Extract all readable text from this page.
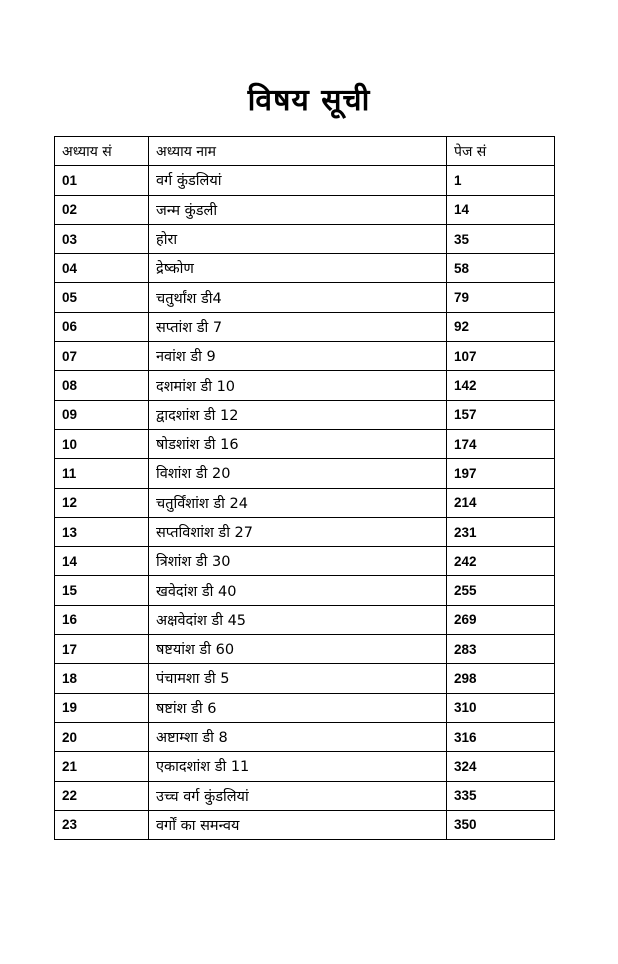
विषय सूची
अध्याय सं	अध्याय नाम	पेज सं
01	वर्ग कुंडलियां	1
02	जन्म कुंडली	14
03	होरा	35
04	द्रेष्कोण	58
05	चतुर्थांश डी4	79
06	सप्तांश डी 7	92
07	नवांश डी 9	107
08	दशमांश डी 10	142
09	द्वादशांश डी 12	157
10	षोडशांश डी 16	174
11	विशांश डी 20	197
12	चतुर्विंशांश डी 24	214
13	सप्तविशांश डी 27	231
14	त्रिशांश डी 30	242
15	खवेदांश डी 40	255
16	अक्षवेदांश डी 45	269
17	षष्टयांश डी 60	283
18	पंचामशा डी 5	298
19	षष्टांश डी 6	310
20	अष्टाम्शा डी 8	316
21	एकादशांश डी 11	324
22	उच्च वर्ग कुंडलियां	335
23	वर्गों का समन्वय	350
